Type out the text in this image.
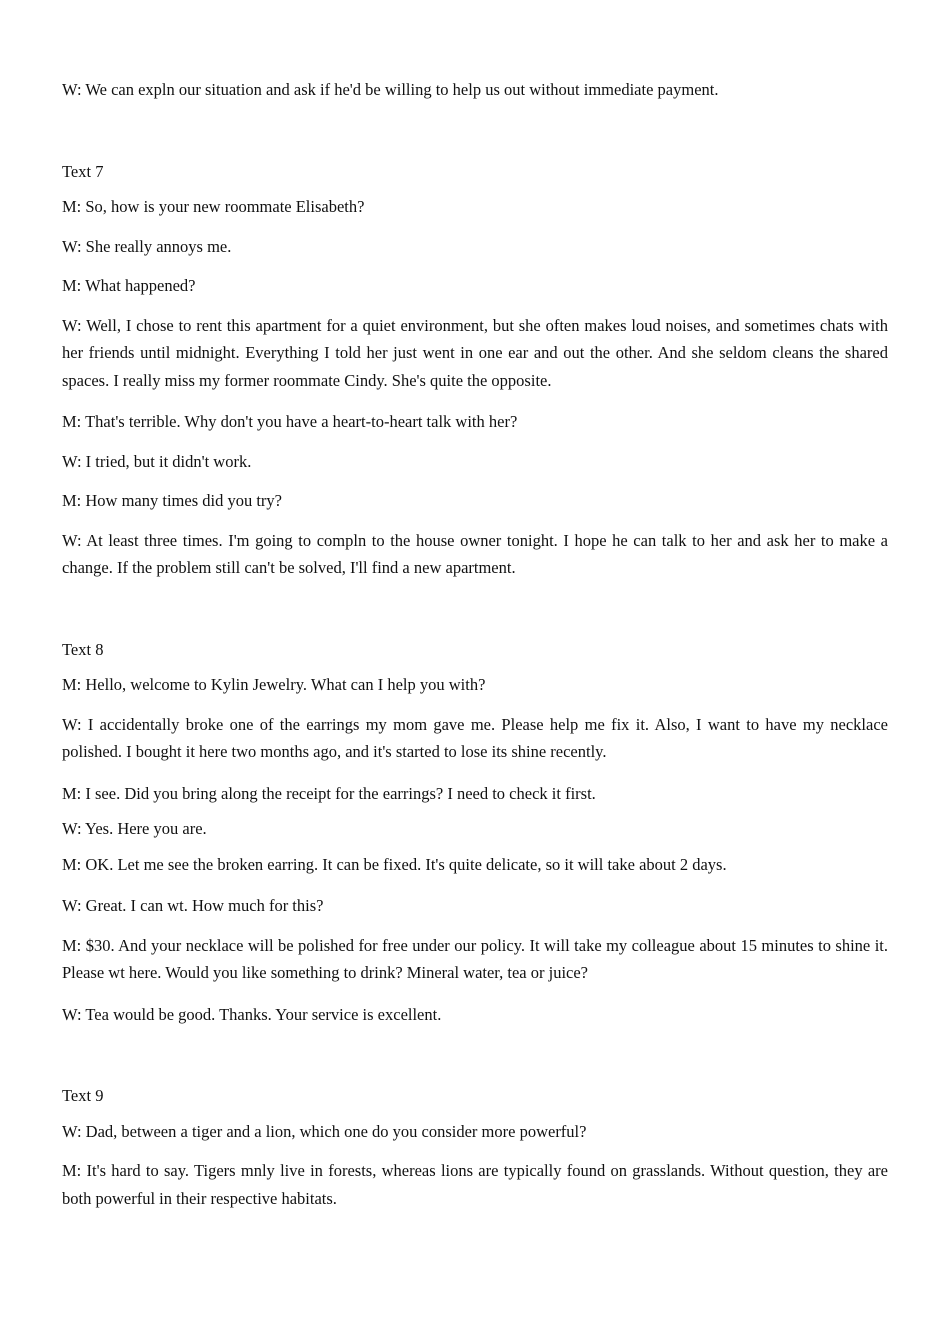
W: We can expln our situation and ask if he'd be willing to help us out without immediate payment.

Text 7

M: So, how is your new roommate Elisabeth?

W: She really annoys me.

M: What happened?

W: Well, I chose to rent this apartment for a quiet environment, but she often makes loud noises, and sometimes chats with her friends until midnight. Everything I told her just went in one ear and out the other. And she seldom cleans the shared spaces. I really miss my former roommate Cindy. She's quite the opposite.

M: That's terrible. Why don't you have a heart-to-heart talk with her?

W: I tried, but it didn't work.

M: How many times did you try?

W: At least three times. I'm going to compln to the house owner tonight. I hope he can talk to her and ask her to make a change. If the problem still can't be solved, I'll find a new apartment.

Text 8

M: Hello, welcome to Kylin Jewelry. What can I help you with?

W: I accidentally broke one of the earrings my mom gave me. Please help me fix it. Also, I want to have my necklace polished. I bought it here two months ago, and it's started to lose its shine recently.

M: I see. Did you bring along the receipt for the earrings? I need to check it first.

W: Yes. Here you are.

M: OK. Let me see the broken earring. It can be fixed. It's quite delicate, so it will take about 2 days.

W: Great. I can wt. How much for this?

M: $30. And your necklace will be polished for free under our policy. It will take my colleague about 15 minutes to shine it. Please wt here. Would you like something to drink? Mineral water, tea or juice?

W: Tea would be good. Thanks. Your service is excellent.

Text 9

W: Dad, between a tiger and a lion, which one do you consider more powerful?

M: It's hard to say. Tigers mnly live in forests, whereas lions are typically found on grasslands. Without question, they are both powerful in their respective habitats.
